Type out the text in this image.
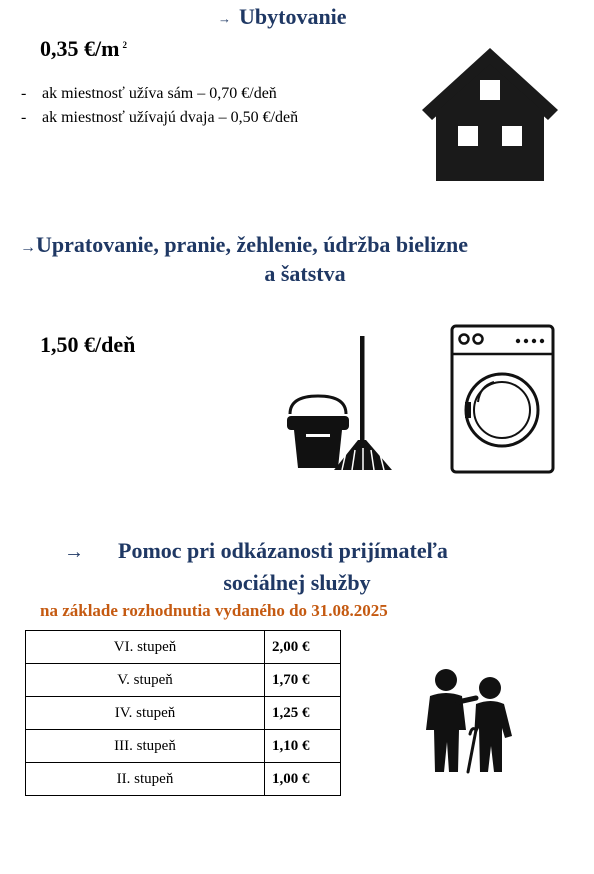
→ Ubytovanie
0,35 €/m $^2$
- ak miestnosť užíva sám – 0,70 €/deň
- ak miestnosť užívajú dvaja – 0,50 €/deň
→Upratovanie, pranie, žehlenie, údržba bielizne
a šatstva
1,50 €/deň
→ Pomoc pri odkázanosti prijímateľa
sociálnej služby
na základe rozhodnutia vydaného do 31.08.2025
VI. stupeň	2,00 €
V. stupeň	1,70 €
IV. stupeň	1,25 €
III. stupeň	1,10 €
II. stupeň	1,00 €
